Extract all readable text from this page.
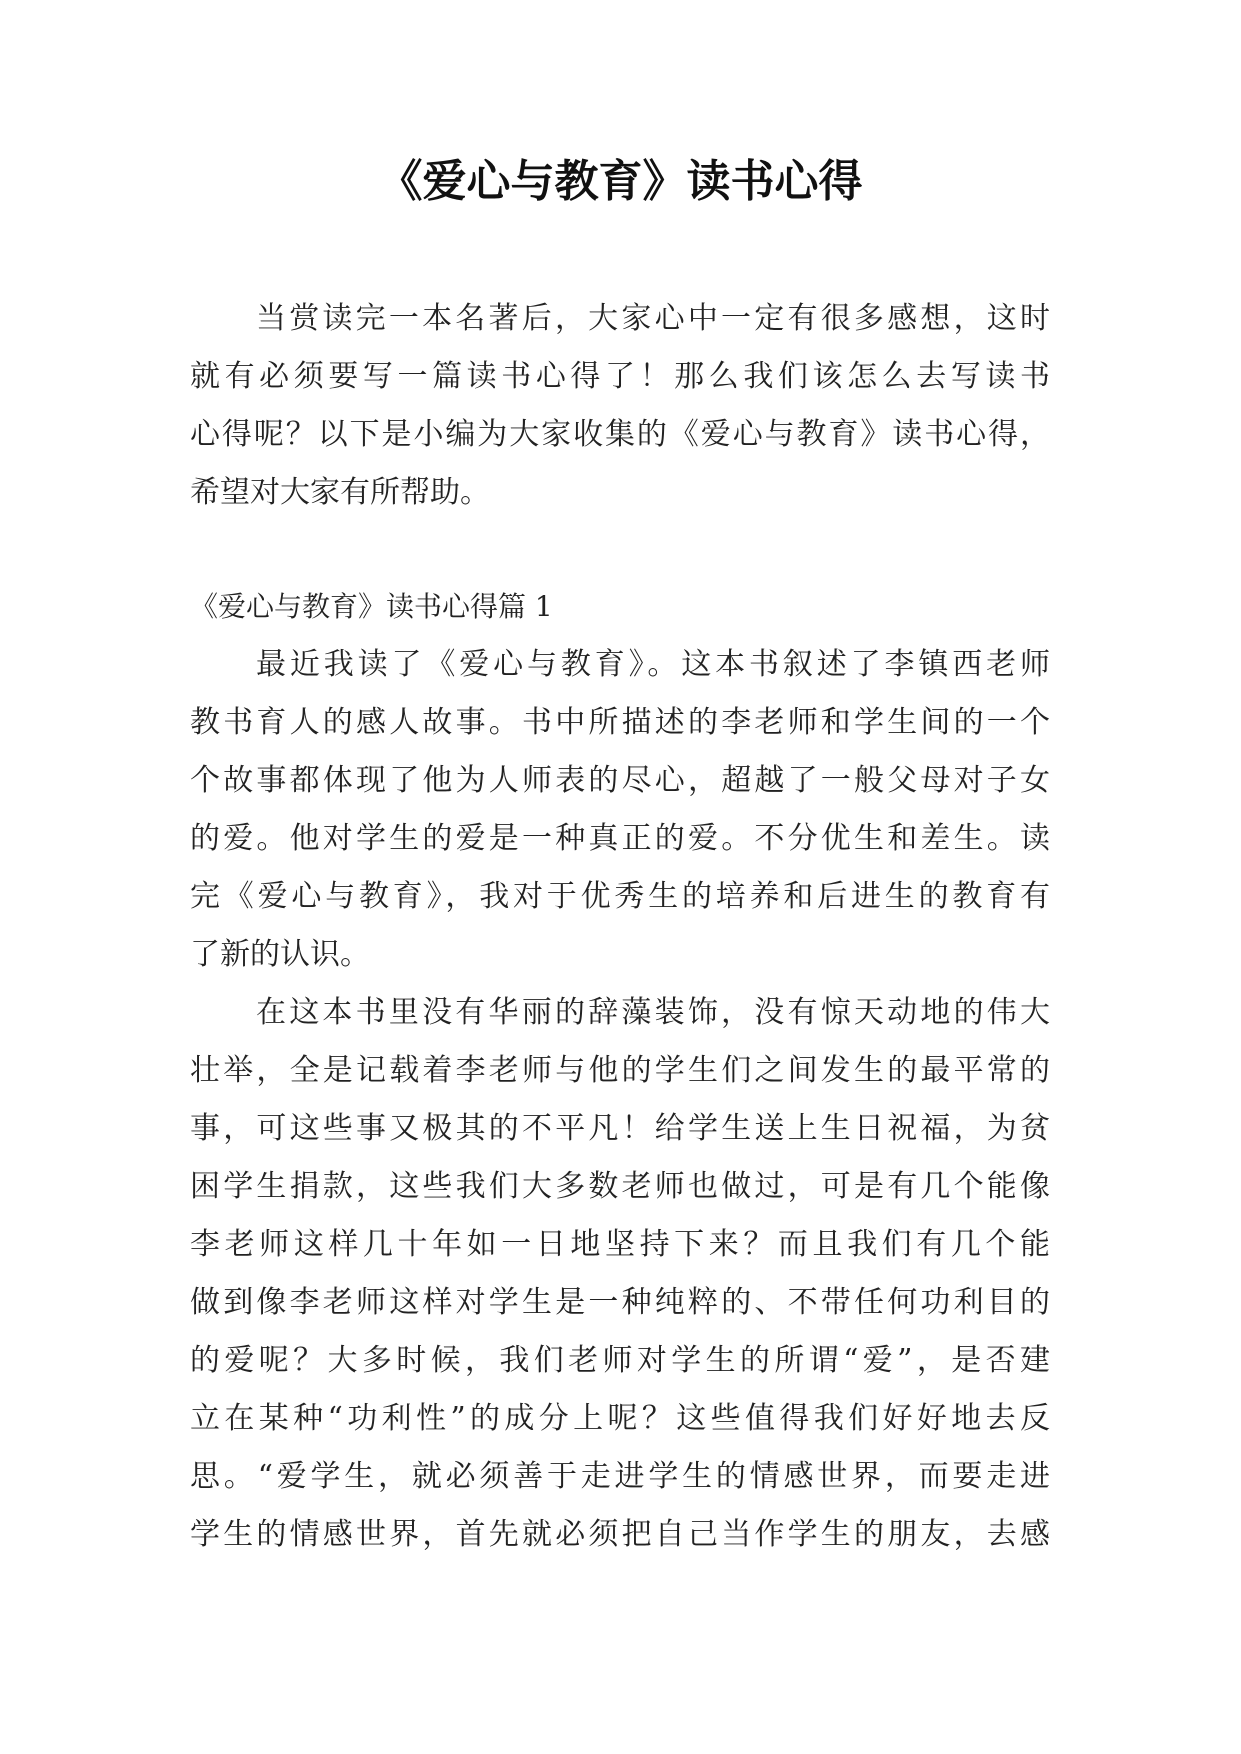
《爱心与教育》读书心得
当赏读完一本名著后，大家心中一定有很多感想，这时
就有必须要写一篇读书心得了！那么我们该怎么去写读书
心得呢？以下是小编为大家收集的《爱心与教育》读书心得，
希望对大家有所帮助。
《爱心与教育》读书心得篇 1
最近我读了《爱心与教育》。这本书叙述了李镇西老师
教书育人的感人故事。书中所描述的李老师和学生间的一个
个故事都体现了他为人师表的尽心，超越了一般父母对子女
的爱。他对学生的爱是一种真正的爱。不分优生和差生。读
完《爱心与教育》，我对于优秀生的培养和后进生的教育有
了新的认识。
在这本书里没有华丽的辞藻装饰，没有惊天动地的伟大
壮举，全是记载着李老师与他的学生们之间发生的最平常的
事，可这些事又极其的不平凡！给学生送上生日祝福，为贫
困学生捐款，这些我们大多数老师也做过，可是有几个能像
李老师这样几十年如一日地坚持下来？而且我们有几个能
做到像李老师这样对学生是一种纯粹的、不带任何功利目的
的爱呢？大多时候，我们老师对学生的所谓“爱”，是否建
立在某种“功利性”的成分上呢？这些值得我们好好地去反
思。“爱学生，就必须善于走进学生的情感世界，而要走进
学生的情感世界，首先就必须把自己当作学生的朋友，去感
